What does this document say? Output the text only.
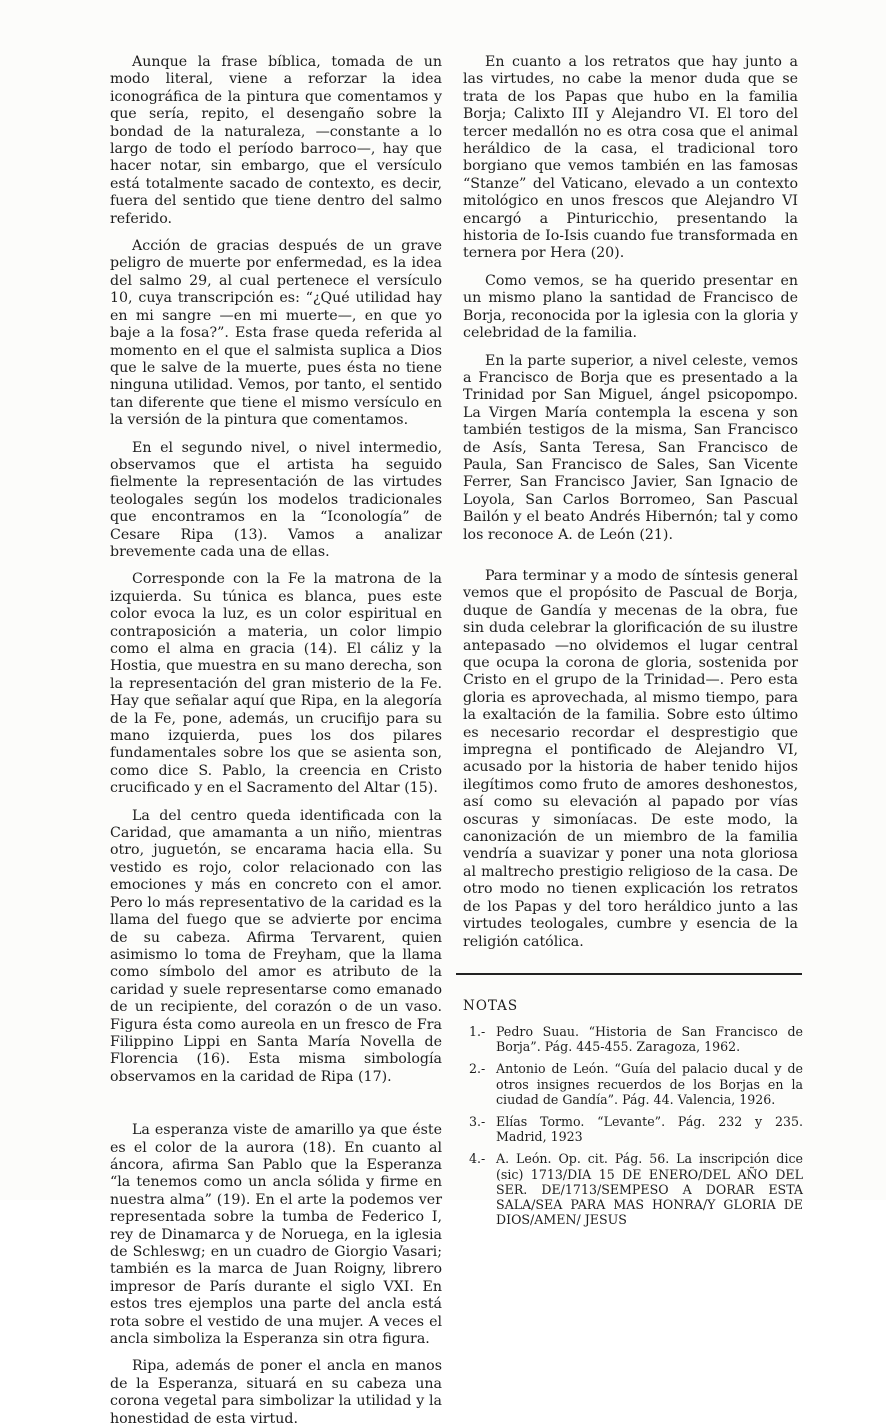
Aunque la frase bíblica, tomada de un modo literal, viene a reforzar la idea iconográfica de la pintura que comentamos y que sería, repito, el desengaño sobre la bondad de la naturaleza, —constante a lo largo de todo el período barroco—, hay que hacer notar, sin embargo, que el versículo está totalmente sacado de contexto, es decir, fuera del sentido que tiene dentro del salmo referido.

Acción de gracias después de un grave peligro de muerte por enfermedad, es la idea del salmo 29, al cual pertenece el versículo 10, cuya transcripción es: “¿Qué utilidad hay en mi sangre —en mi muerte—, en que yo baje a la fosa?”. Esta frase queda referida al momento en el que el salmista suplica a Dios que le salve de la muerte, pues ésta no tiene ninguna utilidad. Vemos, por tanto, el sentido tan diferente que tiene el mismo versículo en la versión de la pintura que comentamos.

En el segundo nivel, o nivel intermedio, observamos que el artista ha seguido fielmente la representación de las virtudes teologales según los modelos tradicionales que encontramos en la “Iconología” de Cesare Ripa (13). Vamos a analizar brevemente cada una de ellas.

Corresponde con la Fe la matrona de la izquierda. Su túnica es blanca, pues este color evoca la luz, es un color espiritual en contraposición a materia, un color limpio como el alma en gracia (14). El cáliz y la Hostia, que muestra en su mano derecha, son la representación del gran misterio de la Fe. Hay que señalar aquí que Ripa, en la alegoría de la Fe, pone, además, un crucifijo para su mano izquierda, pues los dos pilares fundamentales sobre los que se asienta son, como dice S. Pablo, la creencia en Cristo crucificado y en el Sacramento del Altar (15).

La del centro queda identificada con la Caridad, que amamanta a un niño, mientras otro, juguetón, se encarama hacia ella. Su vestido es rojo, color relacionado con las emociones y más en concreto con el amor. Pero lo más representativo de la caridad es la llama del fuego que se advierte por encima de su cabeza. Afirma Tervarent, quien asimismo lo toma de Freyham, que la llama como símbolo del amor es atributo de la caridad y suele representarse como emanado de un recipiente, del corazón o de un vaso. Figura ésta como aureola en un fresco de Fra Filippino Lippi en Santa María Novella de Florencia (16). Esta misma simbología observamos en la caridad de Ripa (17).

La esperanza viste de amarillo ya que éste es el color de la aurora (18). En cuanto al áncora, afirma San Pablo que la Esperanza “la tenemos como un ancla sólida y firme en nuestra alma” (19). En el arte la podemos ver representada sobre la tumba de Federico I, rey de Dinamarca y de Noruega, en la iglesia de Schleswg; en un cuadro de Giorgio Vasari; también es la marca de Juan Roigny, librero impresor de París durante el siglo VXI. En estos tres ejemplos una parte del ancla está rota sobre el vestido de una mujer. A veces el ancla simboliza la Esperanza sin otra figura.

Ripa, además de poner el ancla en manos de la Esperanza, situará en su cabeza una corona vegetal para simbolizar la utilidad y la honestidad de esta virtud.

En cuanto a los retratos que hay junto a las virtudes, no cabe la menor duda que se trata de los Papas que hubo en la familia Borja; Calixto III y Alejandro VI. El toro del tercer medallón no es otra cosa que el animal heráldico de la casa, el tradicional toro borgiano que vemos también en las famosas “Stanze” del Vaticano, elevado a un contexto mitológico en unos frescos que Alejandro VI encargó a Pinturicchio, presentando la historia de Io-Isis cuando fue transformada en ternera por Hera (20).

Como vemos, se ha querido presentar en un mismo plano la santidad de Francisco de Borja, reconocida por la iglesia con la gloria y celebridad de la familia.

En la parte superior, a nivel celeste, vemos a Francisco de Borja que es presentado a la Trinidad por San Miguel, ángel psicopompo. La Virgen María contempla la escena y son también testigos de la misma, San Francisco de Asís, Santa Teresa, San Francisco de Paula, San Francisco de Sales, San Vicente Ferrer, San Francisco Javier, San Ignacio de Loyola, San Carlos Borromeo, San Pascual Bailón y el beato Andrés Hibernón; tal y como los reconoce A. de León (21).

Para terminar y a modo de síntesis general vemos que el propósito de Pascual de Borja, duque de Gandía y mecenas de la obra, fue sin duda celebrar la glorificación de su ilustre antepasado —no olvidemos el lugar central que ocupa la corona de gloria, sostenida por Cristo en el grupo de la Trinidad—. Pero esta gloria es aprovechada, al mismo tiempo, para la exaltación de la familia. Sobre esto último es necesario recordar el desprestigio que impregna el pontificado de Alejandro VI, acusado por la historia de haber tenido hijos ilegítimos como fruto de amores deshonestos, así como su elevación al papado por vías oscuras y simoníacas. De este modo, la canonización de un miembro de la familia vendría a suavizar y poner una nota gloriosa al maltrecho prestigio religioso de la casa. De otro modo no tienen explicación los retratos de los Papas y del toro heráldico junto a las virtudes teologales, cumbre y esencia de la religión católica.

NOTAS

1.- Pedro Suau. “Historia de San Francisco de Borja”. Pág. 445-455. Zaragoza, 1962.
2.- Antonio de León. “Guía del palacio ducal y de otros insignes recuerdos de los Borjas en la ciudad de Gandía”. Pág. 44. Valencia, 1926.
3.- Elías Tormo. “Levante”. Pág. 232 y 235. Madrid, 1923
4.- A. León. Op. cit. Pág. 56. La inscripción dice (sic) 1713/DIA 15 DE ENERO/DEL AÑO DEL SER. DE/1713/SEMPESO A DORAR ESTA SALA/SEA PARA MAS HONRA/Y GLORIA DE DIOS/AMEN/ JESUS
